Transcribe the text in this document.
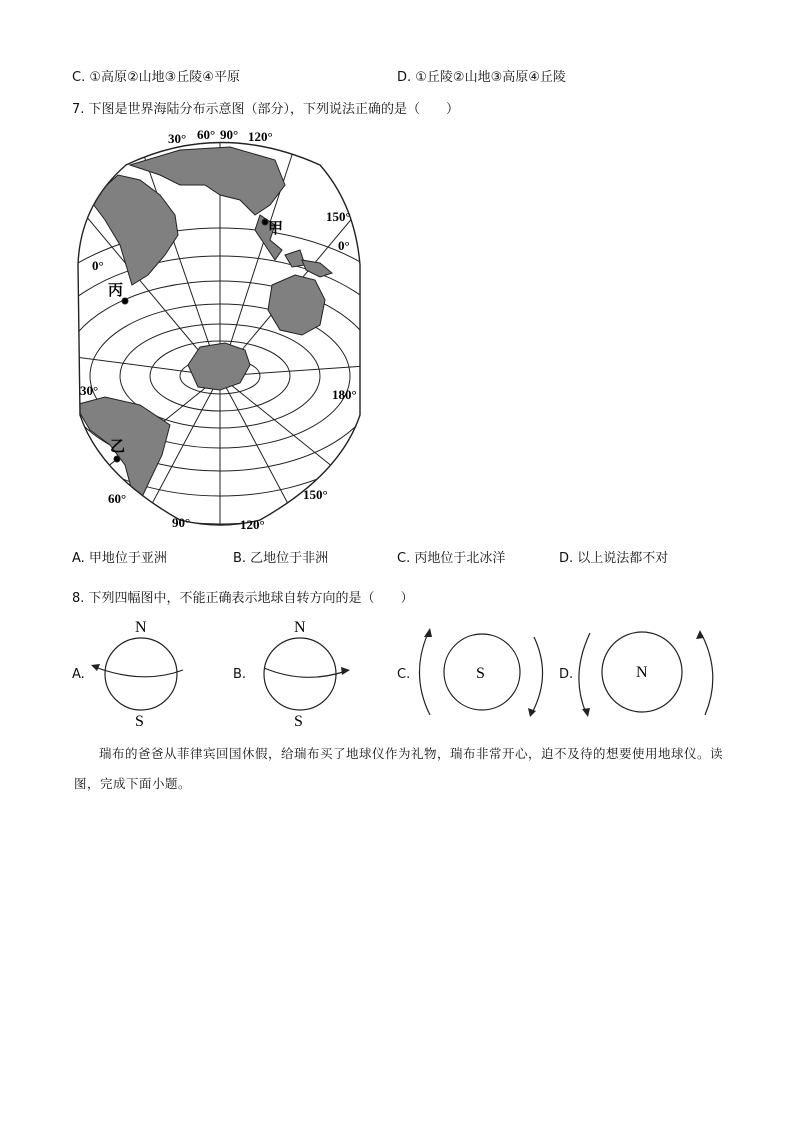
C. ①高原②山地③丘陵④平原	D. ①丘陵②山地③高原④丘陵
7. 下图是世界海陆分布示意图（部分），下列说法正确的是（　　）
30° 60° 90° 120°
150°
0°
0°
30°	180°
60°
90°	120°
150°
甲
丙
乙
A. 甲地位于亚洲	B. 乙地位于非洲	C. 丙地位于北冰洋	D. 以上说法都不对
8. 下列四幅图中，不能正确表示地球自转方向的是（　　）
A.
N
S
B.
N
S
C.	S	D.	N
瑞布的爸爸从菲律宾回国休假，给瑞布买了地球仪作为礼物，瑞布非常开心，迫不及待的想要使用地球仪。读图，完成下面小题。
